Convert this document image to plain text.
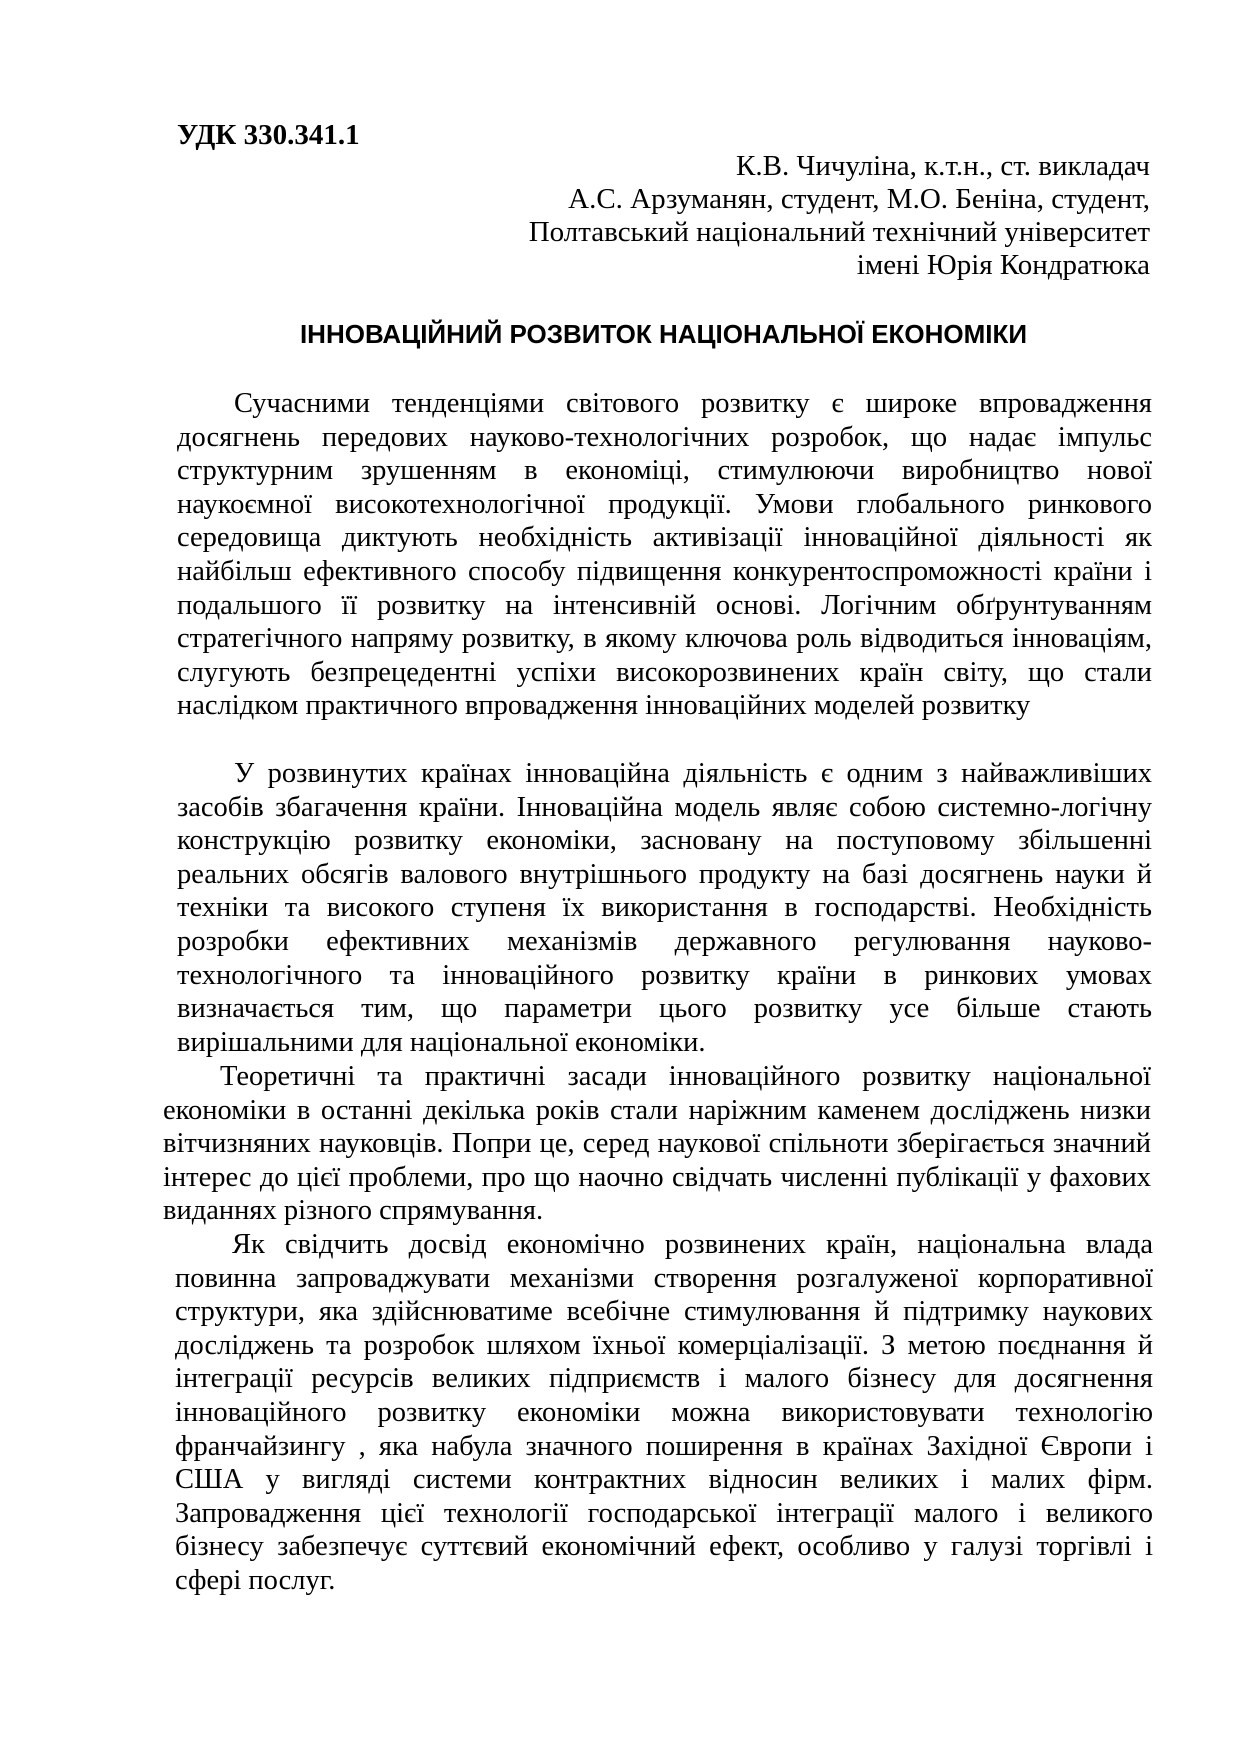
УДК 330.341.1
К.В. Чичуліна, к.т.н., ст. викладач
А.С. Арзуманян, студент, М.О. Беніна, студент,
Полтавський національний технічний університет
імені Юрія Кондратюка
ІННОВАЦІЙНИЙ РОЗВИТОК НАЦІОНАЛЬНОЇ ЕКОНОМІКИ

Сучасними тенденціями світового розвитку є широке впровадження досягнень передових науково-технологічних розробок, що надає імпульс структурним зрушенням в економіці, стимулюючи виробництво нової наукоємної високотехнологічної продукції. Умови глобального ринкового середовища диктують необхідність активізації інноваційної діяльності як найбільш ефективного способу підвищення конкурентоспроможності країни і подальшого її розвитку на інтенсивній основі. Логічним обґрунтуванням стратегічного напряму розвитку, в якому ключова роль відводиться інноваціям, слугують безпрецедентні успіхи високорозвинених країн світу, що стали наслідком практичного впровадження інноваційних моделей розвитку

У розвинутих країнах інноваційна діяльність є одним з найважливіших засобів збагачення країни. Інноваційна модель являє собою системно-логічну конструкцію розвитку економіки, засновану на поступовому збільшенні реальних обсягів валового внутрішнього продукту на базі досягнень науки й техніки та високого ступеня їх використання в господарстві. Необхідність розробки ефективних механізмів державного регулювання науково-технологічного та інноваційного розвитку країни в ринкових умовах визначається тим, що параметри цього розвитку усе більше стають вирішальними для національної економіки.

Теоретичні та практичні засади інноваційного розвитку національної економіки в останні декілька років стали наріжним каменем досліджень низки вітчизняних науковців. Попри це, серед наукової спільноти зберігається значний інтерес до цієї проблеми, про що наочно свідчать численні публікації у фахових виданнях різного спрямування.

Як свідчить досвід економічно розвинених країн, національна влада повинна запроваджувати механізми створення розгалуженої корпоративної структури, яка здійснюватиме всебічне стимулювання й підтримку наукових досліджень та розробок шляхом їхньої комерціалізації. З метою поєднання й інтеграції ресурсів великих підприємств і малого бізнесу для досягнення інноваційного розвитку економіки можна використовувати технологію франчайзингу , яка набула значного поширення в країнах Західної Європи і США у вигляді системи контрактних відносин великих і малих фірм. Запровадження цієї технології господарської інтеграції малого і великого бізнесу забезпечує суттєвий економічний ефект, особливо у галузі торгівлі і сфері послуг.
